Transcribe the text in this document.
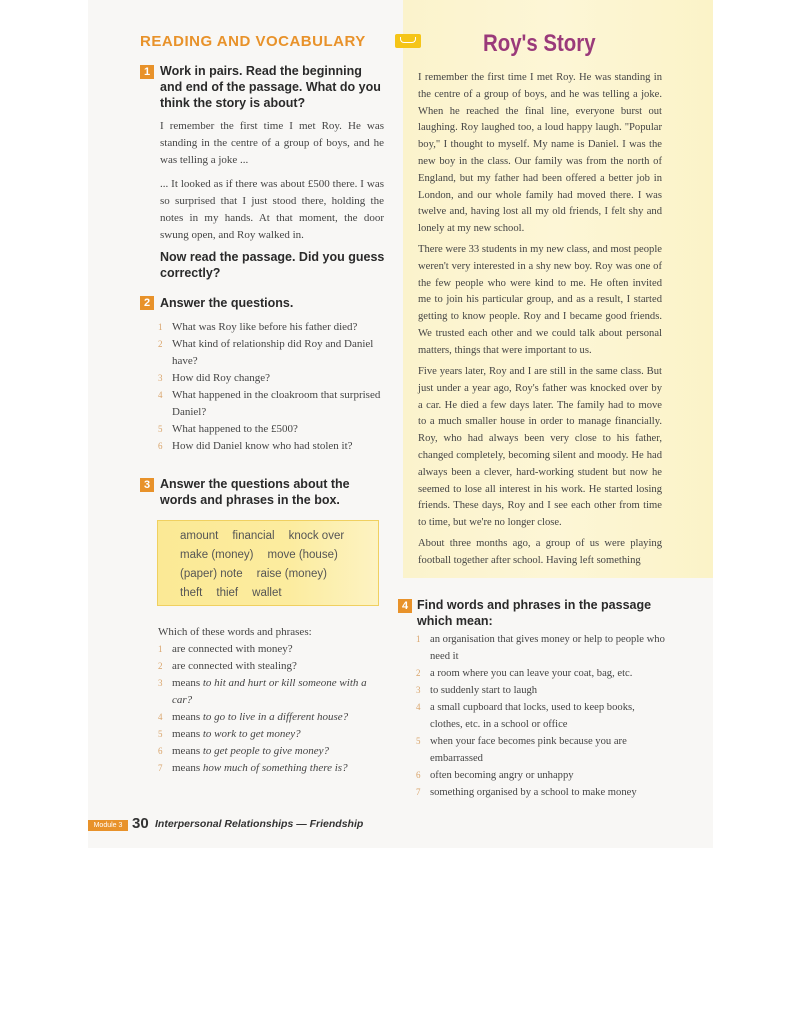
READING AND VOCABULARY	Roy's Story
1 Work in pairs. Read the beginning and end of the passage. What do you think the story is about?

I remember the first time I met Roy. He was standing in the centre of a group of boys, and he was telling a joke ...

... It looked as if there was about £500 there. I was so surprised that I just stood there, holding the notes in my hands. At that moment, the door swung open, and Roy walked in.

Now read the passage. Did you guess correctly?
2 Answer the questions.
1 What was Roy like before his father died?
2 What kind of relationship did Roy and Daniel have?
3 How did Roy change?
4 What happened in the cloakroom that surprised Daniel?
5 What happened to the £500?
6 How did Daniel know who had stolen it?
3 Answer the questions about the words and phrases in the box.
amount financial knock over
make (money) move (house)
(paper) note raise (money)
theft thief wallet

Which of these words and phrases:

1 are connected with money?
2 are connected with stealing?
3 means to hit and hurt or kill someone with a car?
4 means to go to live in a different house?
5 means to work to get money?
6 means to get people to give money?
7 means how much of something there is?

I remember the first time I met Roy. He was standing in the centre of a group of boys, and he was telling a joke. When he reached the final line, everyone burst out laughing. Roy laughed too, a loud happy laugh. "Popular boy," I thought to myself. My name is Daniel. I was the new boy in the class. Our family was from the north of England, but my father had been offered a better job in London, and our whole family had moved there. I was twelve and, having lost all my old friends, I felt shy and lonely at my new school.

There were 33 students in my new class, and most people weren't very interested in a shy new boy. Roy was one of the few people who were kind to me. He often invited me to join his particular group, and as a result, I started getting to know people. Roy and I became good friends. We trusted each other and we could talk about personal matters, things that were important to us.

Five years later, Roy and I are still in the same class. But just under a year ago, Roy's father was knocked over by a car. He died a few days later. The family had to move to a much smaller house in order to manage financially. Roy, who had always been very close to his father, changed completely, becoming silent and moody. He had always been a clever, hard-working student but now he seemed to lose all interest in his work. He started losing friends. These days, Roy and I see each other from time to time, but we're no longer close.

About three months ago, a group of us were playing football together after school. Having left something

4 Find words and phrases in the passage which mean:
1 an organisation that gives money or help to people who need it
2 a room where you can leave your coat, bag, etc.
3 to suddenly start to laugh
4 a small cupboard that locks, used to keep books, clothes, etc. in a school or office
5 when your face becomes pink because you are embarrassed
6 often becoming angry or unhappy
7 something organised by a school to make money
Module 3 30 Interpersonal Relationships — Friendship
